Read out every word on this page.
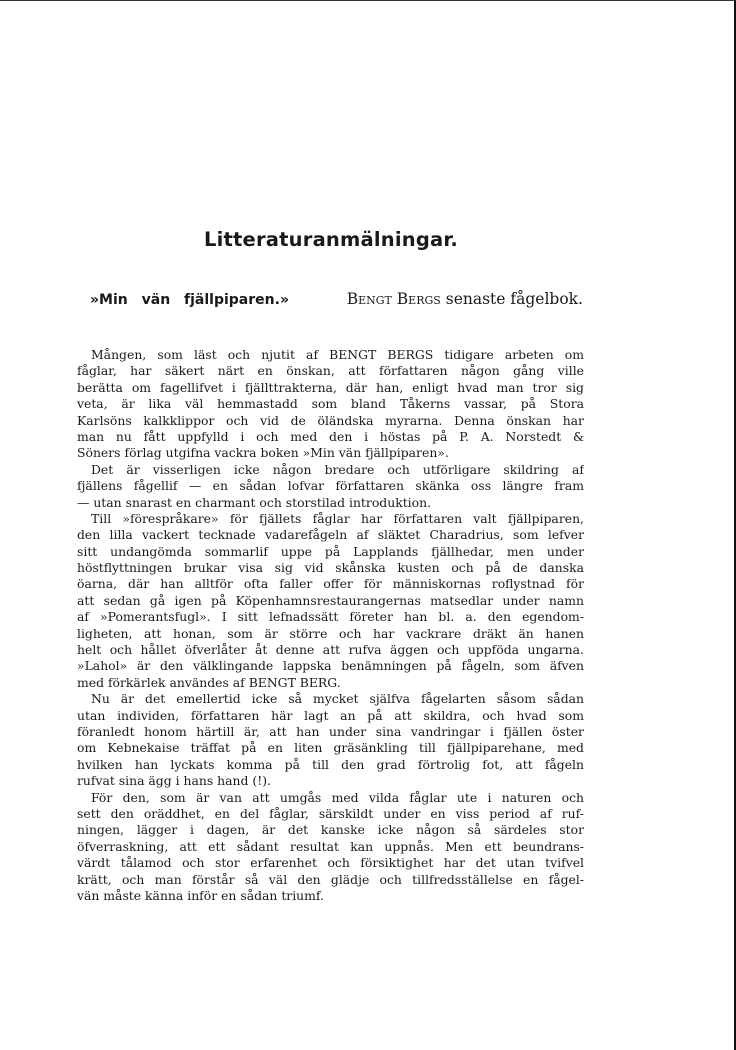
Litteraturanmälningar.
»Min vän fjällpiparen.»	Bengt Bergs senaste fågelbok.
Mången, som läst och njutit af BENGT BERGS tidigare arbeten om
fåglar, har säkert närt en önskan, att författaren någon gång ville
berätta om fagellifvet i fjällttrakterna, där han, enligt hvad man tror sig
veta, är lika väl hemmastadd som bland Tåkerns vassar, på Stora
Karlsöns kalkklippor och vid de öländska myrarna. Denna önskan har
man nu fått uppfylld i och med den i höstas på P. A. Norstedt &
Söners förlag utgifna vackra boken »Min vän fjällpiparen».
Det är visserligen icke någon bredare och utförligare skildring af
fjällens fågellif — en sådan lofvar författaren skänka oss längre fram
— utan snarast en charmant och storstilad introduktion.
Till »förespråkare» för fjällets fåglar har författaren valt fjällpiparen,
den lilla vackert tecknade vadarefågeln af släktet Charadrius, som lefver
sitt undangömda sommarlif uppe på Lapplands fjällhedar, men under
höstflyttningen brukar visa sig vid skånska kusten och på de danska
öarna, där han alltför ofta faller offer för människornas roflystnad för
att sedan gå igen på Köpenhamnsrestaurangernas matsedlar under namn
af »Pomerantsfugl». I sitt lefnadssätt företer han bl. a. den egendom-
ligheten, att honan, som är större och har vackrare dräkt än hanen
helt och hållet öfverlåter åt denne att rufva äggen och uppföda ungarna.
»Lahol» är den välklingande lappska benämningen på fågeln, som äfven
med förkärlek användes af BENGT BERG.
Nu är det emellertid icke så mycket själfva fågelarten såsom sådan
utan individen, författaren här lagt an på att skildra, och hvad som
föranledt honom härtill är, att han under sina vandringar i fjällen öster
om Kebnekaise träffat på en liten gräsänkling till fjällpiparehane, med
hvilken han lyckats komma på till den grad förtrolig fot, att fågeln
rufvat sina ägg i hans hand (!).
För den, som är van att umgås med vilda fåglar ute i naturen och
sett den oräddhet, en del fåglar, särskildt under en viss period af ruf-
ningen, lägger i dagen, är det kanske icke någon så särdeles stor
öfverraskning, att ett sådant resultat kan uppnås. Men ett beundrans-
värdt tålamod och stor erfarenhet och försiktighet har det utan tvifvel
krätt, och man förstår så väl den glädje och tillfredsställelse en fågel-
vän måste känna inför en sådan triumf.
